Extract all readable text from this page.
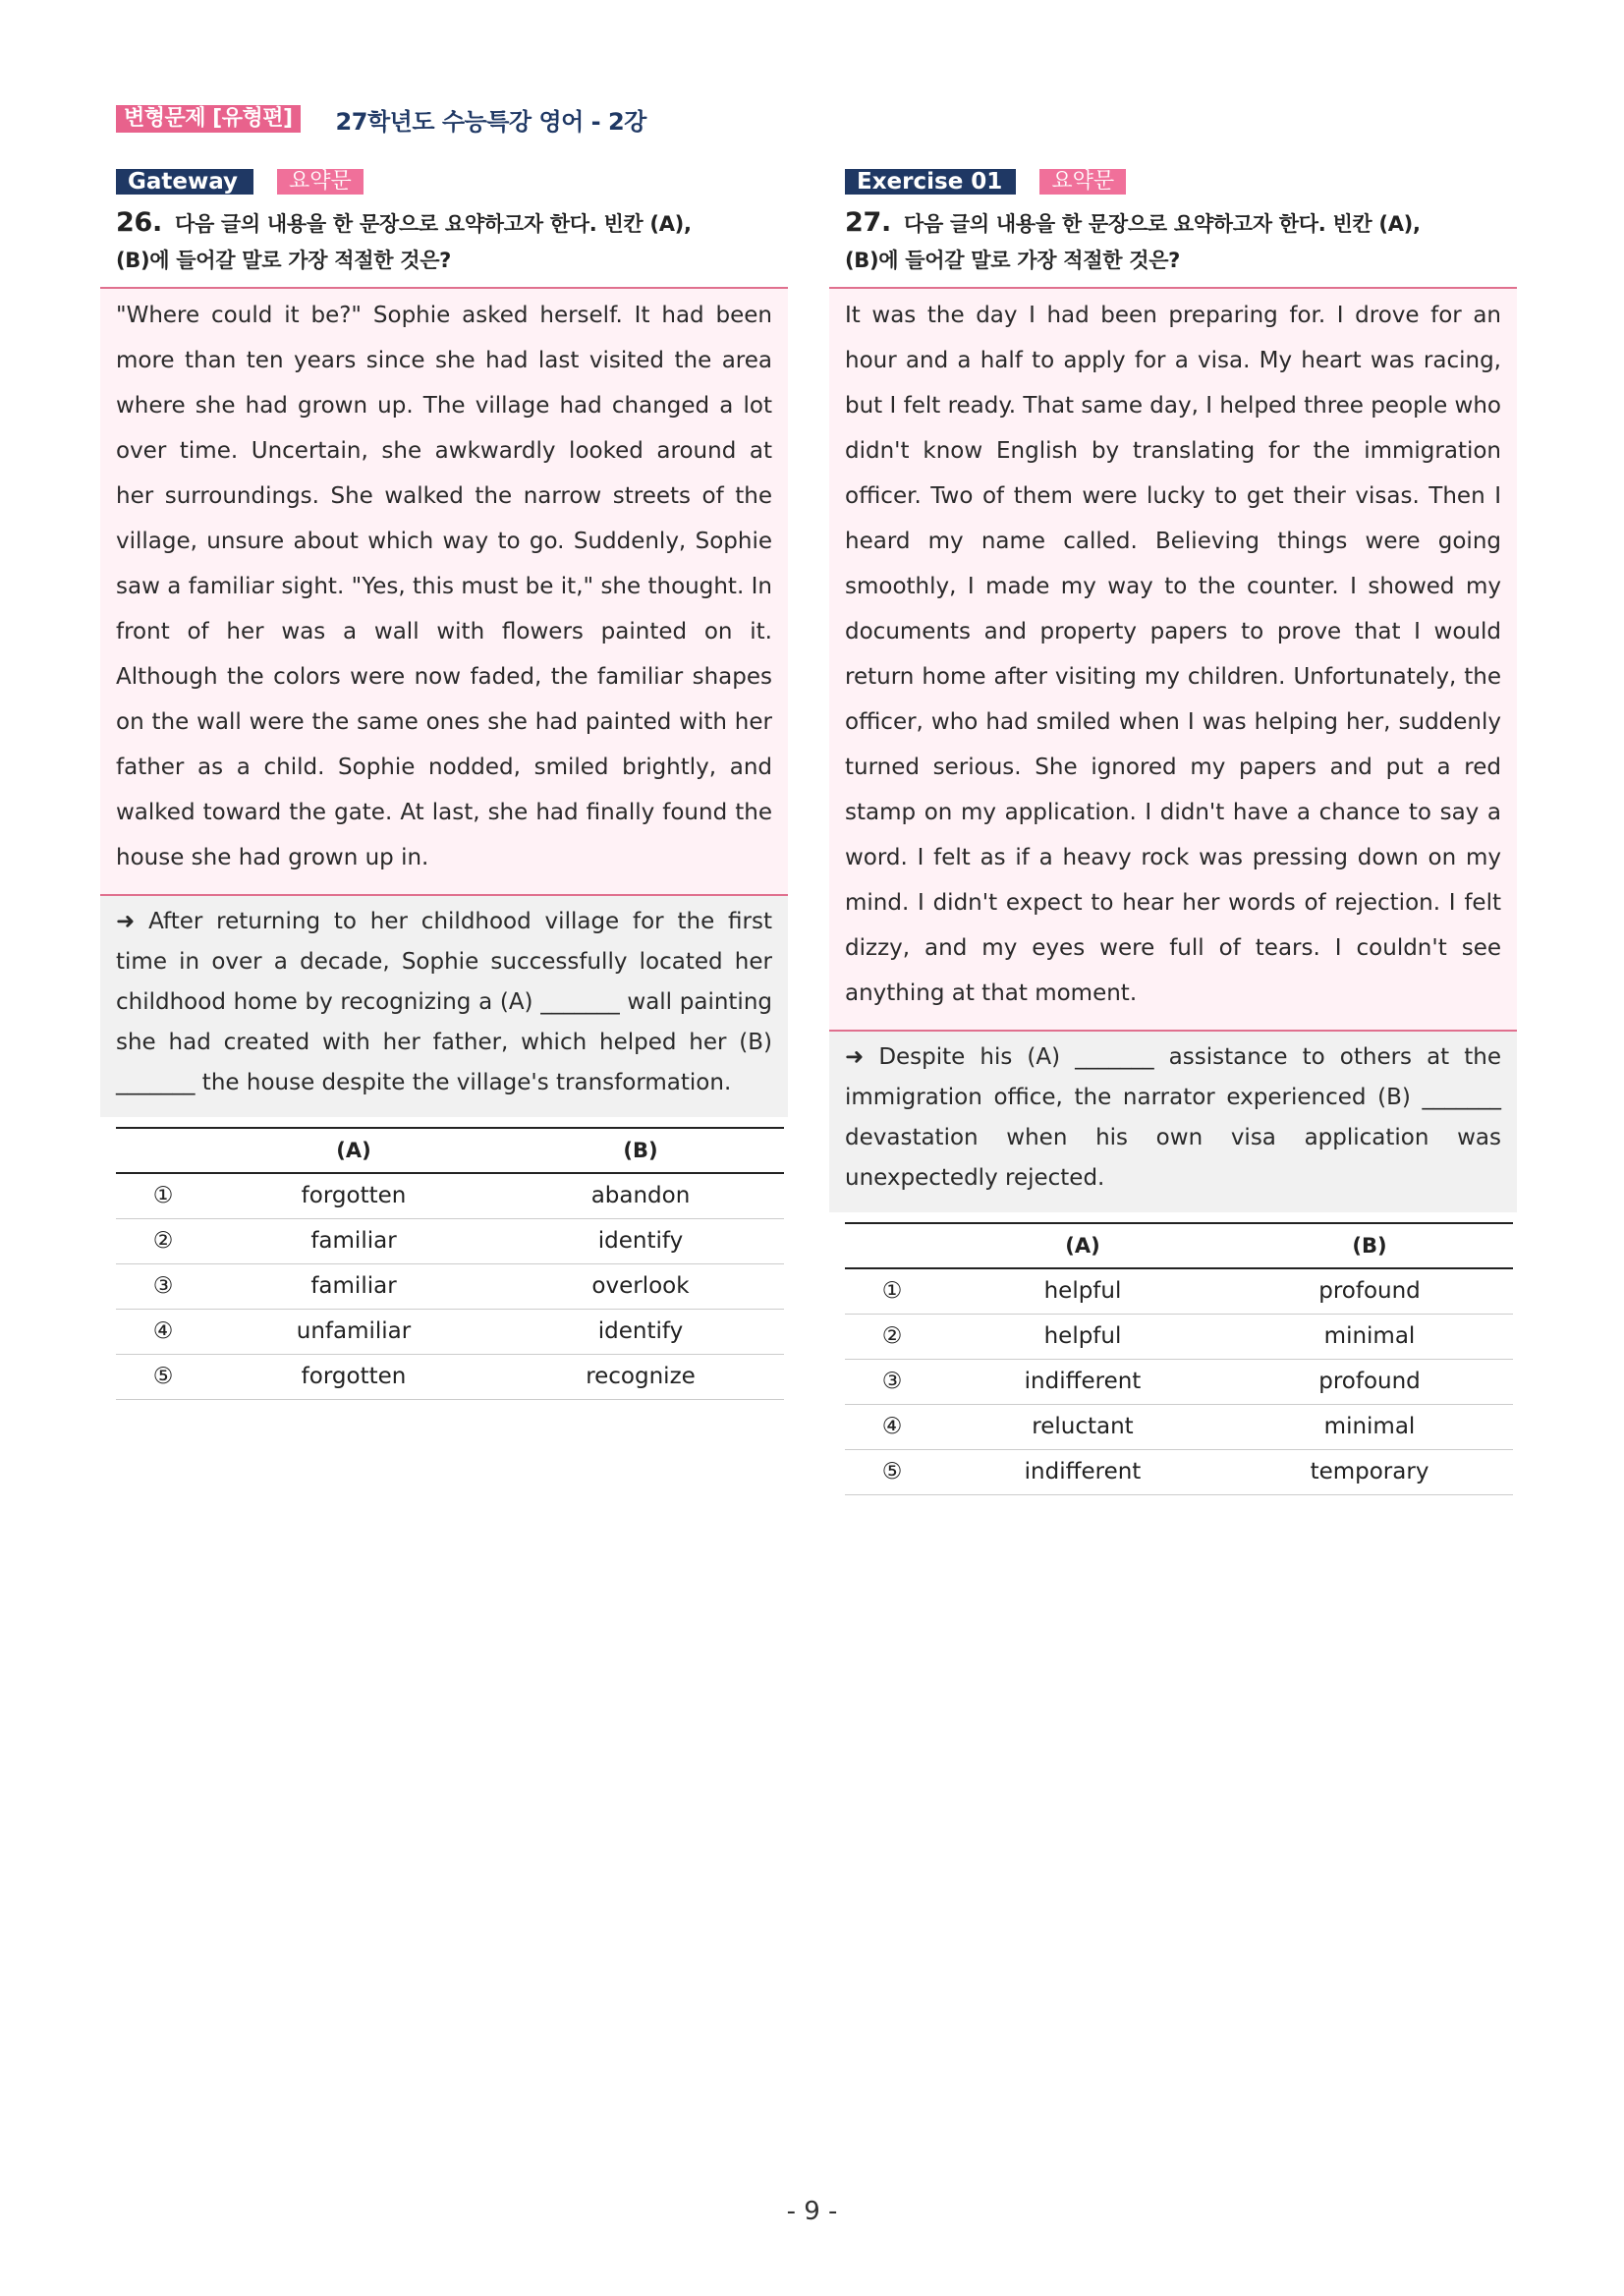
변형문제 [유형편]	27학년도 수능특강 영어 - 2강
Gateway	요약문
26. 다음 글의 내용을 한 문장으로 요약하고자 한다. 빈칸 (A),
(B)에 들어갈 말로 가장 적절한 것은?
"Where could it be?" Sophie asked herself. It had been more than ten years since she had last visited the area where she had grown up. The village had changed a lot over time. Uncertain, she awkwardly looked around at her surroundings. She walked the narrow streets of the village, unsure about which way to go. Suddenly, Sophie saw a familiar sight. "Yes, this must be it," she thought. In front of her was a wall with flowers painted on it. Although the colors were now faded, the familiar shapes on the wall were the same ones she had painted with her father as a child. Sophie nodded, smiled brightly, and walked toward the gate. At last, she had finally found the house she had grown up in.
➜ After returning to her childhood village for the first time in over a decade, Sophie successfully located her childhood home by recognizing a (A) _______ wall painting she had created with her father, which helped her (B) _______ the house despite the village's transformation.
	(A)	(B)
①	forgotten	abandon
②	familiar	identify
③	familiar	overlook
④	unfamiliar	identify
⑤	forgotten	recognize
Exercise 01	요약문
27. 다음 글의 내용을 한 문장으로 요약하고자 한다. 빈칸 (A),
(B)에 들어갈 말로 가장 적절한 것은?
It was the day I had been preparing for. I drove for an hour and a half to apply for a visa. My heart was racing, but I felt ready. That same day, I helped three people who didn't know English by translating for the immigration officer. Two of them were lucky to get their visas. Then I heard my name called. Believing things were going smoothly, I made my way to the counter. I showed my documents and property papers to prove that I would return home after visiting my children. Unfortunately, the officer, who had smiled when I was helping her, suddenly turned serious. She ignored my papers and put a red stamp on my application. I didn't have a chance to say a word. I felt as if a heavy rock was pressing down on my mind. I didn't expect to hear her words of rejection. I felt dizzy, and my eyes were full of tears. I couldn't see anything at that moment.
➜ Despite his (A) _______ assistance to others at the immigration office, the narrator experienced (B) _______ devastation when his own visa application was unexpectedly rejected.
	(A)	(B)
①	helpful	profound
②	helpful	minimal
③	indifferent	profound
④	reluctant	minimal
⑤	indifferent	temporary
- 9 -
